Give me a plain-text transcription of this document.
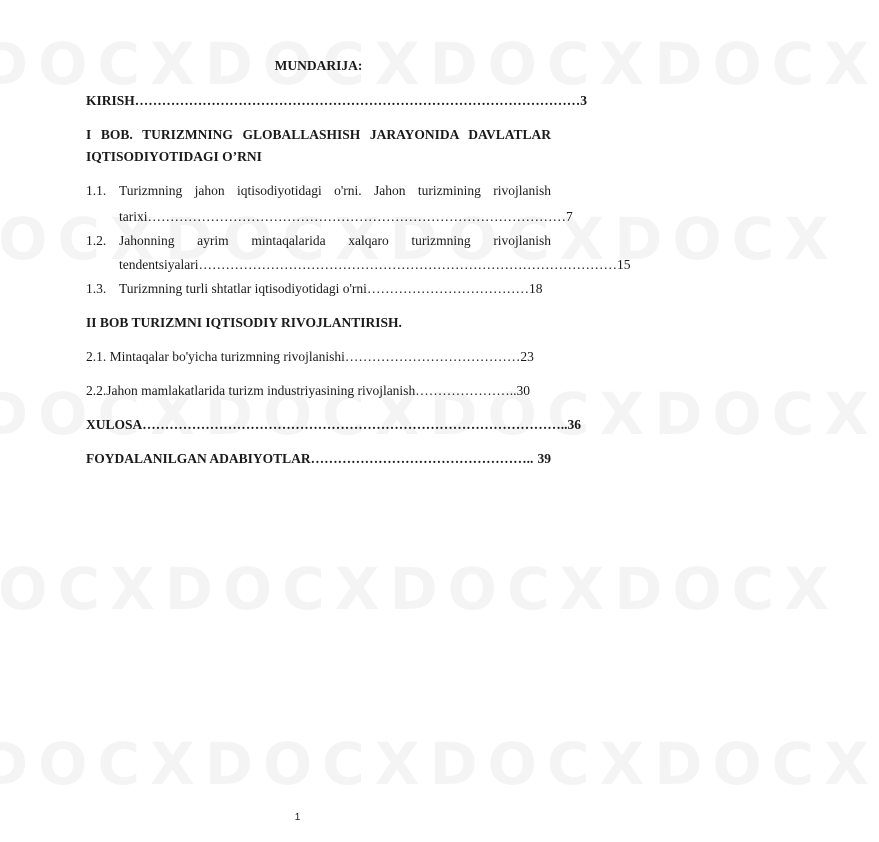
MUNDARIJA:
KIRISH ……………………………………………………………………………………… 3
I BOB. TURIZMNING GLOBALLASHISH JARAYONIDA DAVLATLAR
IQTISODIYOTIDAGI O’RNI
1.1. Turizmning jahon iqtisodiyotidagi o'rni. Jahon turizmining rivojlanish
tarixi ………………………………………………………………………………… 7
1.2. Jahonning ayrim mintaqalarida xalqaro turizmning rivojlanish
tendentsiyalari ………………………………………………………………………………… 15
1.3. Turizmning turli shtatlar iqtisodiyotidagi o'rni………………………………18
II BOB TURIZMNI IQTISODIY RIVOJLANTIRISH.
2.1. Mintaqalar bo'yicha turizmning rivojlanishi…………………………………23
2.2.Jahon mamlakatlarida turizm industriyasining rivojlanish…………………..30
XULOSA ………………………………………………………………………………….. 36
FOYDALANILGAN ADABIYOTLAR ………………………………………….. 39
1
